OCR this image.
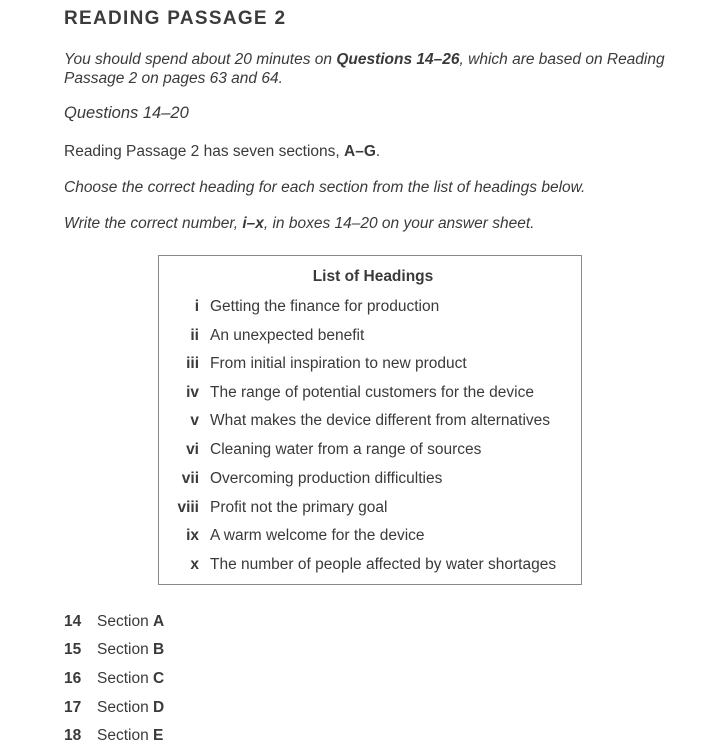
READING PASSAGE 2
You should spend about 20 minutes on Questions 14–26, which are based on Reading Passage 2 on pages 63 and 64.
Questions 14–20
Reading Passage 2 has seven sections, A–G.
Choose the correct heading for each section from the list of headings below.
Write the correct number, i–x, in boxes 14–20 on your answer sheet.
List of Headings
i Getting the finance for production
ii An unexpected benefit
iii From initial inspiration to new product
iv The range of potential customers for the device
v What makes the device different from alternatives
vi Cleaning water from a range of sources
vii Overcoming production difficulties
viii Profit not the primary goal
ix A warm welcome for the device
x The number of people affected by water shortages
14 Section A
15 Section B
16 Section C
17 Section D
18 Section E
